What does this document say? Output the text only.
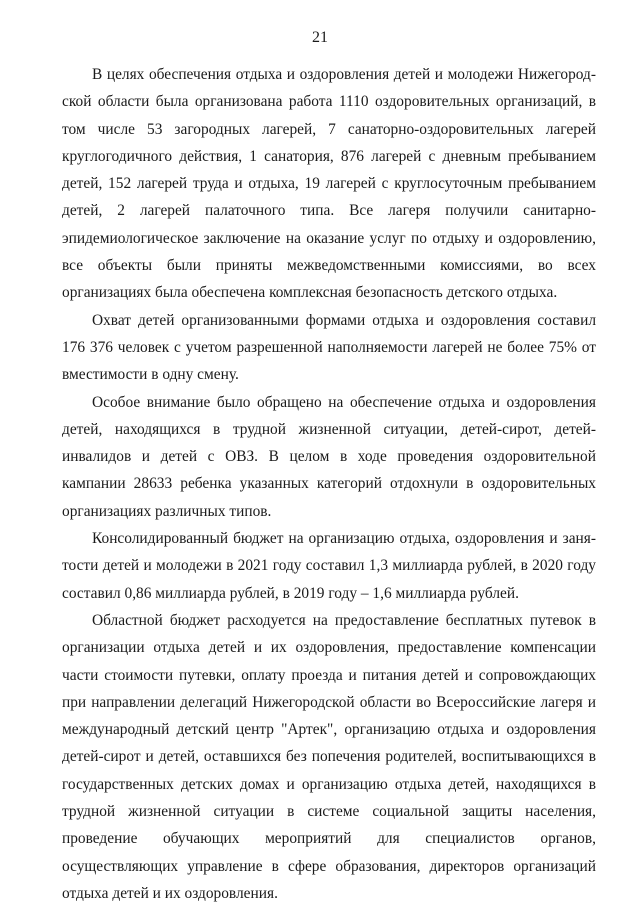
21

В целях обеспечения отдыха и оздоровления детей и молодежи Нижегородской области была организована работа 1110 оздоровительных организаций, в том числе 53 загородных лагерей, 7 санаторно-оздоровительных лагерей круглогодичного действия, 1 санатория, 876 лагерей с дневным пребыванием детей, 152 лагерей труда и отдыха, 19 лагерей с круглосуточным пребыванием детей, 2 лагерей палаточного типа. Все лагеря получили санитарно-эпидемиологическое заключение на оказание услуг по отдыху и оздоровлению, все объекты были приняты межведомственными комиссиями, во всех организациях была обеспечена комплексная безопасность детского отдыха.

Охват детей организованными формами отдыха и оздоровления составил 176 376 человек с учетом разрешенной наполняемости лагерей не более 75% от вместимости в одну смену.

Особое внимание было обращено на обеспечение отдыха и оздоровления детей, находящихся в трудной жизненной ситуации, детей-сирот, детей-инвалидов и детей с ОВЗ. В целом в ходе проведения оздоровительной кампании 28633 ребенка указанных категорий отдохнули в оздоровительных организациях различных типов.

Консолидированный бюджет на организацию отдыха, оздоровления и занятости детей и молодежи в 2021 году составил 1,3 миллиарда рублей, в 2020 году составил 0,86 миллиарда рублей, в 2019 году – 1,6 миллиарда рублей.

Областной бюджет расходуется на предоставление бесплатных путевок в организации отдыха детей и их оздоровления, предоставление компенсации части стоимости путевки, оплату проезда и питания детей и сопровождающих при направлении делегаций Нижегородской области во Всероссийские лагеря и международный детский центр "Артек", организацию отдыха и оздоровления детей-сирот и детей, оставшихся без попечения родителей, воспитывающихся в государственных детских домах и организацию отдыха детей, находящихся в трудной жизненной ситуации в системе социальной защиты населения, проведение обучающих мероприятий для специалистов органов, осуществляющих управление в сфере образования, директоров организаций отдыха детей и их оздоровления.
